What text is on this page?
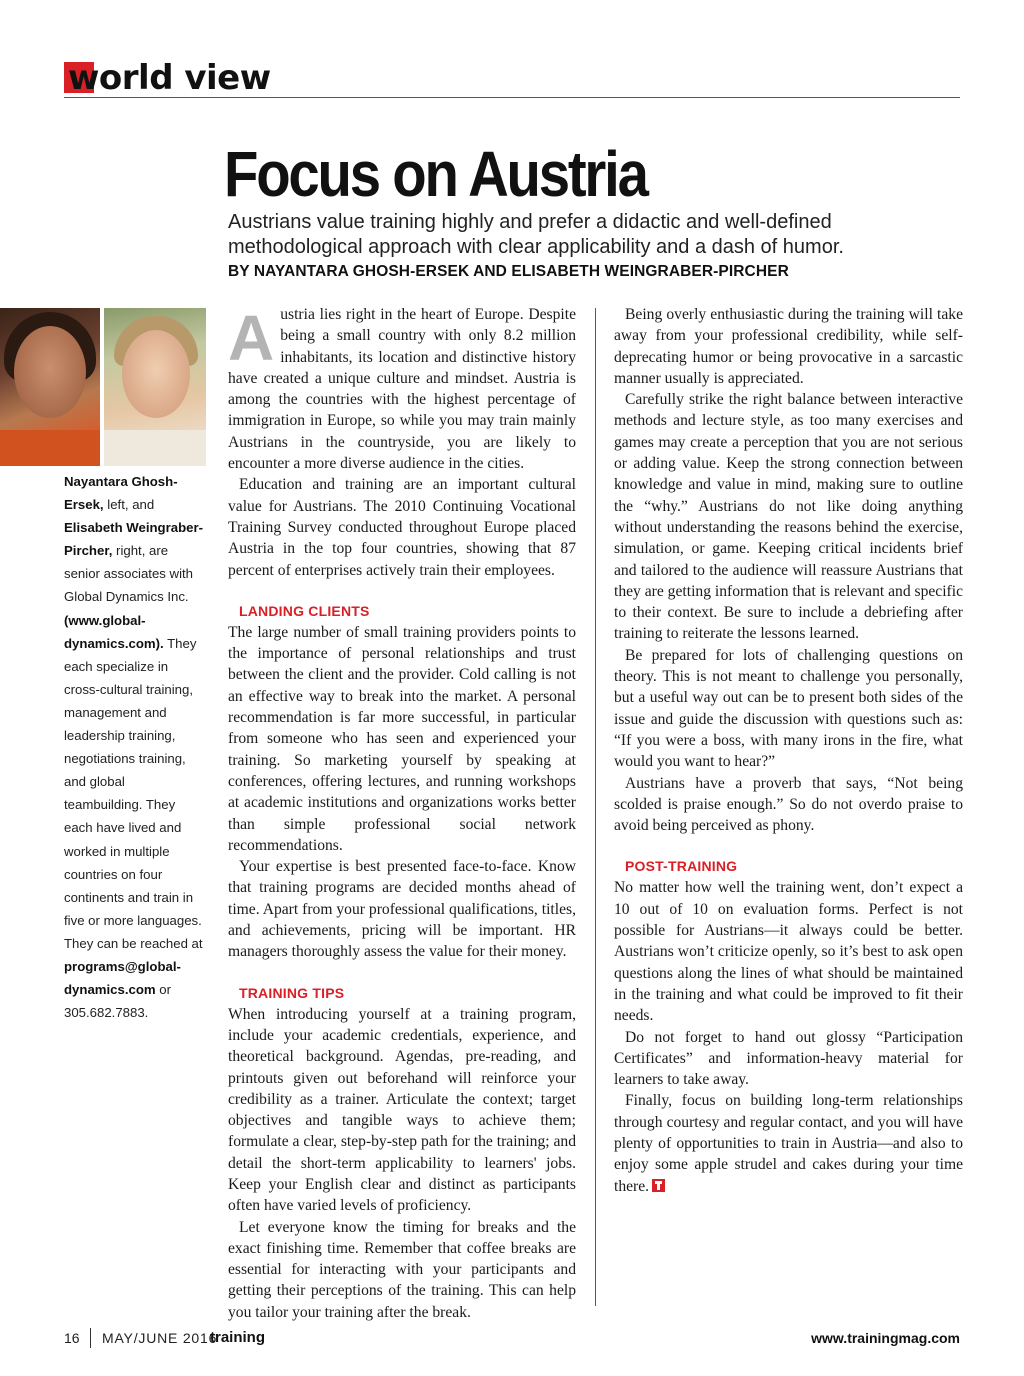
world view
Focus on Austria
Austrians value training highly and prefer a didactic and well-defined methodological approach with clear applicability and a dash of humor.
BY NAYANTARA GHOSH-ERSEK AND ELISABETH WEINGRABER-PIRCHER
Nayantara Ghosh-Ersek, left, and Elisabeth Weingraber-Pircher, right, are senior associates with Global Dynamics Inc. (www.global-dynamics.com). They each specialize in cross-cultural training, management and leadership training, negotiations training, and global teambuilding. They each have lived and worked in multiple countries on four continents and train in five or more languages. They can be reached at programs@global-dynamics.com or 305.682.7883.

Austria lies right in the heart of Europe. Despite being a small country with only 8.2 million inhabitants, its location and distinctive history have created a unique culture and mindset. Austria is among the countries with the highest percentage of immigration in Europe, so while you may train mainly Austrians in the countryside, you are likely to encounter a more diverse audience in the cities.

Education and training are an important cultural value for Austrians. The 2010 Continuing Vocational Training Survey conducted throughout Europe placed Austria in the top four countries, showing that 87 percent of enterprises actively train their employees.

LANDING CLIENTS

The large number of small training providers points to the importance of personal relationships and trust between the client and the provider. Cold calling is not an effective way to break into the market. A personal recommendation is far more successful, in particular from someone who has seen and experienced your training. So marketing yourself by speaking at conferences, offering lectures, and running workshops at academic institutions and organizations works better than simple professional social network recommendations.

Your expertise is best presented face-to-face. Know that training programs are decided months ahead of time. Apart from your professional qualifications, titles, and achievements, pricing will be important. HR managers thoroughly assess the value for their money.

TRAINING TIPS

When introducing yourself at a training program, include your academic credentials, experience, and theoretical background. Agendas, pre-reading, and printouts given out beforehand will reinforce your credibility as a trainer. Articulate the context; target objectives and tangible ways to achieve them; formulate a clear, step-by-step path for the training; and detail the short-term applicability to learners' jobs. Keep your English clear and distinct as participants often have varied levels of proficiency.

Let everyone know the timing for breaks and the exact finishing time. Remember that coffee breaks are essential for interacting with your participants and getting their perceptions of the training. This can help you tailor your training after the break.

Being overly enthusiastic during the training will take away from your professional credibility, while self-deprecating humor or being provocative in a sarcastic manner usually is appreciated.

Carefully strike the right balance between interactive methods and lecture style, as too many exercises and games may create a perception that you are not serious or adding value. Keep the strong connection between knowledge and value in mind, making sure to outline the “why.” Austrians do not like doing anything without understanding the reasons behind the exercise, simulation, or game. Keeping critical incidents brief and tailored to the audience will reassure Austrians that they are getting information that is relevant and specific to their context. Be sure to include a debriefing after training to reiterate the lessons learned.

Be prepared for lots of challenging questions on theory. This is not meant to challenge you personally, but a useful way out can be to present both sides of the issue and guide the discussion with questions such as: “If you were a boss, with many irons in the fire, what would you want to hear?”

Austrians have a proverb that says, “Not being scolded is praise enough.” So do not overdo praise to avoid being perceived as phony.

POST-TRAINING

No matter how well the training went, don’t expect a 10 out of 10 on evaluation forms. Perfect is not possible for Austrians—it always could be better. Austrians won’t criticize openly, so it’s best to ask open questions along the lines of what should be maintained in the training and what could be improved to fit their needs.

Do not forget to hand out glossy “Participation Certificates” and information-heavy material for learners to take away.

Finally, focus on building long-term relationships through courtesy and regular contact, and you will have plenty of opportunities to train in Austria—and also to enjoy some apple strudel and cakes during your time there.

16 MAY/JUNE 2016
training	www.trainingmag.com
